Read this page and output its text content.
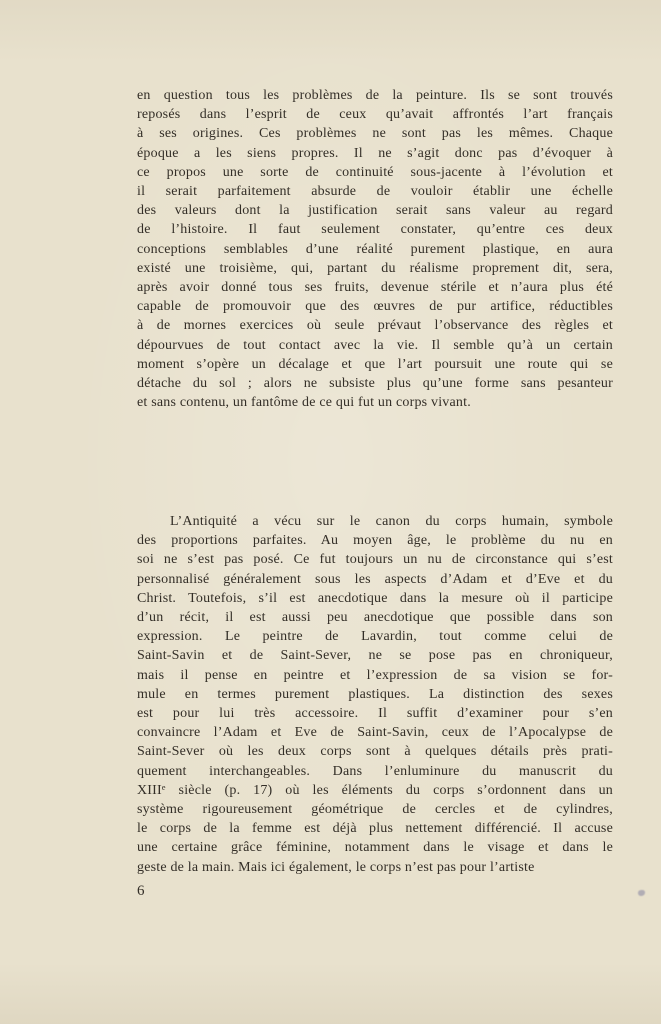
en question tous les problèmes de la peinture. Ils se sont trouvés
reposés dans l’esprit de ceux qu’avait affrontés l’art français
à ses origines. Ces problèmes ne sont pas les mêmes. Chaque
époque a les siens propres. Il ne s’agit donc pas d’évoquer à
ce propos une sorte de continuité sous-jacente à l’évolution et
il serait parfaitement absurde de vouloir établir une échelle
des valeurs dont la justification serait sans valeur au regard
de l’histoire. Il faut seulement constater, qu’entre ces deux
conceptions semblables d’une réalité purement plastique, en aura
existé une troisième, qui, partant du réalisme proprement dit, sera,
après avoir donné tous ses fruits, devenue stérile et n’aura plus été
capable de promouvoir que des œuvres de pur artifice, réductibles
à de mornes exercices où seule prévaut l’observance des règles et
dépourvues de tout contact avec la vie. Il semble qu’à un certain
moment s’opère un décalage et que l’art poursuit une route qui se
détache du sol ; alors ne subsiste plus qu’une forme sans pesanteur
et sans contenu, un fantôme de ce qui fut un corps vivant.
L’Antiquité a vécu sur le canon du corps humain, symbole
des proportions parfaites. Au moyen âge, le problème du nu en
soi ne s’est pas posé. Ce fut toujours un nu de circonstance qui s’est
personnalisé généralement sous les aspects d’Adam et d’Eve et du
Christ. Toutefois, s’il est anecdotique dans la mesure où il participe
d’un récit, il est aussi peu anecdotique que possible dans son
expression. Le peintre de Lavardin, tout comme celui de
Saint-Savin et de Saint-Sever, ne se pose pas en chroniqueur,
mais il pense en peintre et l’expression de sa vision se for-
mule en termes purement plastiques. La distinction des sexes
est pour lui très accessoire. Il suffit d’examiner pour s’en
convaincre l’Adam et Eve de Saint-Savin, ceux de l’Apocalypse de
Saint-Sever où les deux corps sont à quelques détails près prati-
quement interchangeables. Dans l’enluminure du manuscrit du
XIIIᵉ siècle (p. 17) où les éléments du corps s’ordonnent dans un
système rigoureusement géométrique de cercles et de cylindres,
le corps de la femme est déjà plus nettement différencié. Il accuse
une certaine grâce féminine, notamment dans le visage et dans le
geste de la main. Mais ici également, le corps n’est pas pour l’artiste
6
